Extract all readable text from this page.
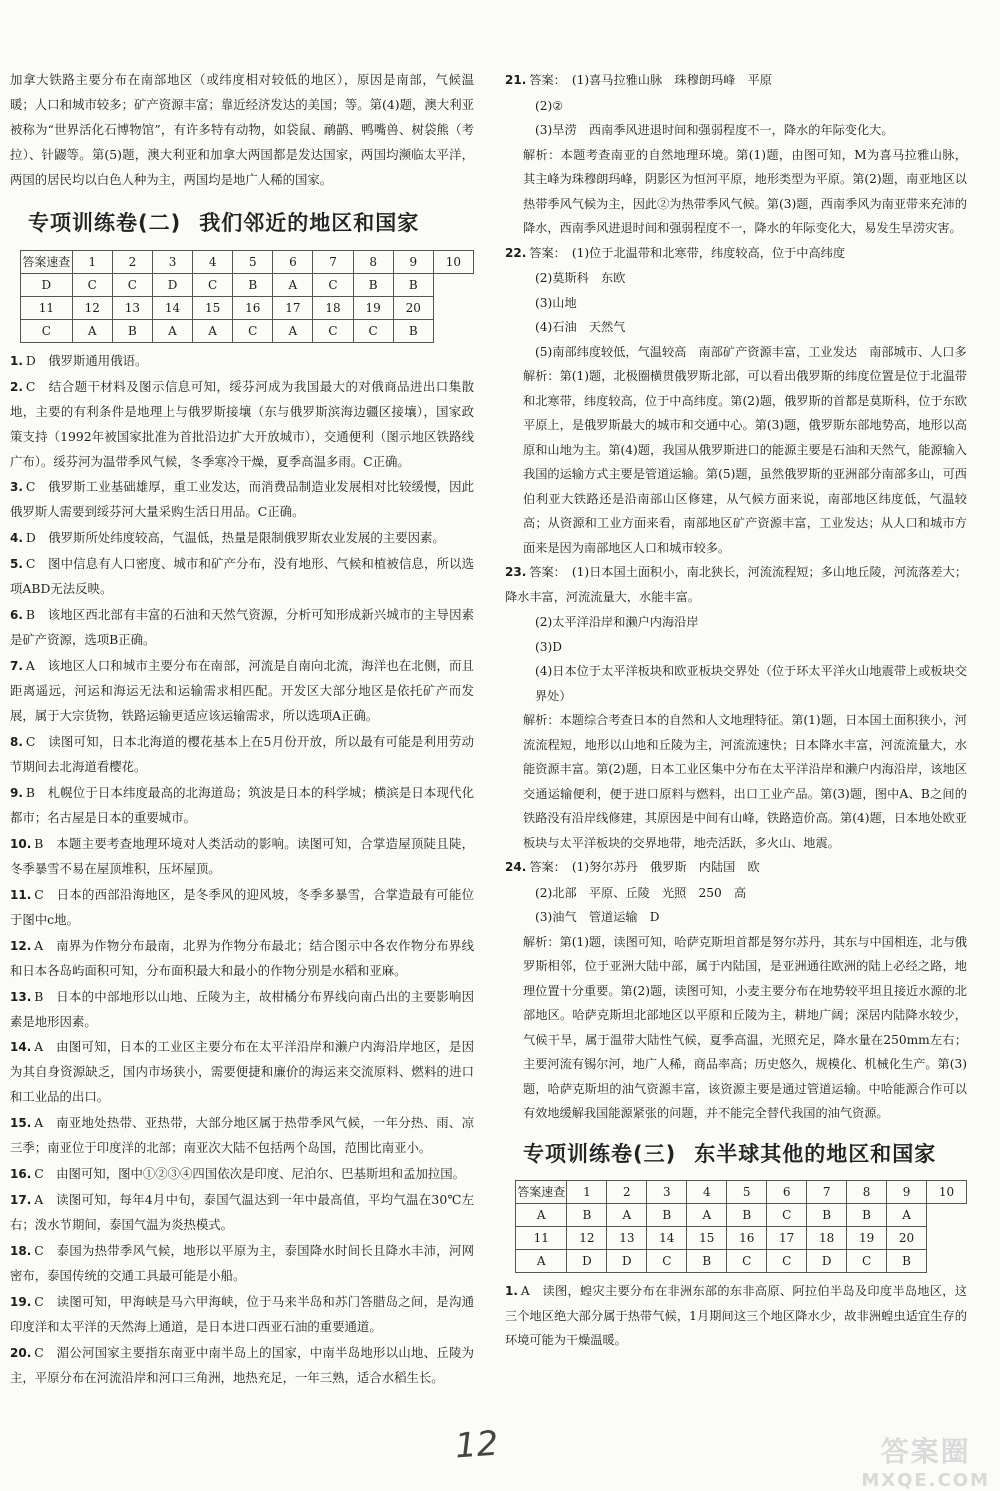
加拿大铁路主要分布在南部地区（或纬度相对较低的地区），原因是南部，气候温暖；人口和城市较多；矿产资源丰富；靠近经济发达的美国；等。第(4)题，澳大利亚被称为“世界活化石博物馆”，有许多特有动物，如袋鼠、鸸鹋、鸭嘴兽、树袋熊（考拉）、针鼹等。第(5)题，澳大利亚和加拿大两国都是发达国家，两国均濒临太平洋，两国的居民均以白色人种为主，两国均是地广人稀的国家。

专项训练卷(二) 我们邻近的地区和国家
答案速查	1	2	3	4	5	6	7	8	9	10
D	C	C	D	C	B	A	C	B	B	
11	12	13	14	15	16	17	18	19	20	
C	A	B	A	A	C	A	C	C	B	

1. D　俄罗斯通用俄语。

2. C　结合题干材料及图示信息可知，绥芬河成为我国最大的对俄商品进出口集散地，主要的有利条件是地理上与俄罗斯接壤（东与俄罗斯滨海边疆区接壤），国家政策支持（1992年被国家批准为首批沿边扩大开放城市），交通便利（图示地区铁路线广布）。绥芬河为温带季风气候，冬季寒冷干燥，夏季高温多雨。C正确。

3. C　俄罗斯工业基础雄厚，重工业发达，而消费品制造业发展相对比较缓慢，因此俄罗斯人需要到绥芬河大量采购生活日用品。C正确。

4. D　俄罗斯所处纬度较高，气温低，热量是限制俄罗斯农业发展的主要因素。

5. C　图中信息有人口密度、城市和矿产分布，没有地形、气候和植被信息，所以选项ABD无法反映。

6. B　该地区西北部有丰富的石油和天然气资源，分析可知形成新兴城市的主导因素是矿产资源，选项B正确。

7. A　该地区人口和城市主要分布在南部，河流是自南向北流，海洋也在北侧，而且距离遥远，河运和海运无法和运输需求相匹配。开发区大部分地区是依托矿产而发展，属于大宗货物，铁路运输更适应该运输需求，所以选项A正确。

8. C　读图可知，日本北海道的樱花基本上在5月份开放，所以最有可能是利用劳动节期间去北海道看樱花。

9. B　札幌位于日本纬度最高的北海道岛；筑波是日本的科学城；横滨是日本现代化都市；名古屋是日本的重要城市。

10. B　本题主要考查地理环境对人类活动的影响。读图可知，合掌造屋顶陡且陡，冬季暴雪不易在屋顶堆积，压坏屋顶。

11. C　日本的西部沿海地区，是冬季风的迎风坡，冬季多暴雪，合掌造最有可能位于图中c地。

12. A　南界为作物分布最南，北界为作物分布最北；结合图示中各农作物分布界线和日本各岛屿面积可知，分布面积最大和最小的作物分别是水稻和亚麻。

13. B　日本的中部地形以山地、丘陵为主，故柑橘分布界线向南凸出的主要影响因素是地形因素。

14. A　由图可知，日本的工业区主要分布在太平洋沿岸和濑户内海沿岸地区，是因为其自身资源缺乏，国内市场狭小，需要便捷和廉价的海运来交流原料、燃料的进口和工业品的出口。

15. A　南亚地处热带、亚热带，大部分地区属于热带季风气候，一年分热、雨、凉三季；南亚位于印度洋的北部；南亚次大陆不包括两个岛国，范围比南亚小。

16. C　由图可知，图中①②③④四国依次是印度、尼泊尔、巴基斯坦和孟加拉国。

17. A　读图可知，每年4月中旬，泰国气温达到一年中最高值，平均气温在30℃左右；泼水节期间，泰国气温为炎热模式。

18. C　泰国为热带季风气候，地形以平原为主，泰国降水时间长且降水丰沛，河网密布，泰国传统的交通工具最可能是小船。

19. C　读图可知，甲海峡是马六甲海峡，位于马来半岛和苏门答腊岛之间，是沟通印度洋和太平洋的天然海上通道，是日本进口西亚石油的重要通道。

20. C　湄公河国家主要指东南亚中南半岛上的国家，中南半岛地形以山地、丘陵为主，平原分布在河流沿岸和河口三角洲，地热充足，一年三熟，适合水稻生长。

21. 答案： (1)喜马拉雅山脉　珠穆朗玛峰　平原

(2)②

(3)旱涝　西南季风进退时间和强弱程度不一，降水的年际变化大。

解析：本题考查南亚的自然地理环境。第(1)题，由图可知，M为喜马拉雅山脉，其主峰为珠穆朗玛峰，阴影区为恒河平原，地形类型为平原。第(2)题，南亚地区以热带季风气候为主，因此②为热带季风气候。第(3)题，西南季风为南亚带来充沛的降水，西南季风进退时间和强弱程度不一，降水的年际变化大，易发生旱涝灾害。

22. 答案： (1)位于北温带和北寒带，纬度较高，位于中高纬度

(2)莫斯科　东欧

(3)山地

(4)石油　天然气

(5)南部纬度较低，气温较高　南部矿产资源丰富，工业发达　南部城市、人口多

解析：第(1)题，北极圈横贯俄罗斯北部，可以看出俄罗斯的纬度位置是位于北温带和北寒带，纬度较高，位于中高纬度。第(2)题，俄罗斯的首都是莫斯科，位于东欧平原上，是俄罗斯最大的城市和交通中心。第(3)题，俄罗斯东部地势高，地形以高原和山地为主。第(4)题，我国从俄罗斯进口的能源主要是石油和天然气，能源输入我国的运输方式主要是管道运输。第(5)题，虽然俄罗斯的亚洲部分南部多山，可西伯利亚大铁路还是沿南部山区修建，从气候方面来说，南部地区纬度低，气温较高；从资源和工业方面来看，南部地区矿产资源丰富，工业发达；从人口和城市方面来是因为南部地区人口和城市较多。

23. 答案： (1)日本国土面积小，南北狭长，河流流程短；多山地丘陵，河流落差大；降水丰富，河流流量大，水能丰富。

(2)太平洋沿岸和濑户内海沿岸

(3)D

(4)日本位于太平洋板块和欧亚板块交界处（位于环太平洋火山地震带上或板块交界处）

解析：本题综合考查日本的自然和人文地理特征。第(1)题，日本国土面积狭小，河流流程短，地形以山地和丘陵为主，河流流速快；日本降水丰富，河流流量大，水能资源丰富。第(2)题，日本工业区集中分布在太平洋沿岸和濑户内海沿岸，该地区交通运输便利，便于进口原料与燃料，出口工业产品。第(3)题，图中A、B之间的铁路没有沿岸线修建，其原因是中间有山峰，铁路造价高。第(4)题，日本地处欧亚板块与太平洋板块的交界地带，地壳活跃，多火山、地震。

24. 答案： (1)努尔苏丹　俄罗斯　内陆国　欧

(2)北部　平原、丘陵　光照　250　高

(3)油气　管道运输　D

解析：第(1)题，读图可知，哈萨克斯坦首都是努尔苏丹，其东与中国相连，北与俄罗斯相邻，位于亚洲大陆中部，属于内陆国，是亚洲通往欧洲的陆上必经之路，地理位置十分重要。第(2)题，读图可知，小麦主要分布在地势较平坦且接近水源的北部地区。哈萨克斯坦北部地区以平原和丘陵为主，耕地广阔；深居内陆降水较少，气候干旱，属于温带大陆性气候，夏季高温，光照充足，降水量在250mm左右；主要河流有锡尔河，地广人稀，商品率高；历史悠久，规模化、机械化生产。第(3)题，哈萨克斯坦的油气资源丰富，该资源主要是通过管道运输。中哈能源合作可以有效地缓解我国能源紧张的问题，并不能完全替代我国的油气资源。

专项训练卷(三) 东半球其他的地区和国家
答案速查	1	2	3	4	5	6	7	8	9	10
A	B	A	B	A	B	C	B	B	A	
11	12	13	14	15	16	17	18	19	20	
A	D	D	C	B	C	C	D	C	B	

1. A　读图，蝗灾主要分布在非洲东部的东非高原、阿拉伯半岛及印度半岛地区，这三个地区绝大部分属于热带气候，1月期间这三个地区降水少，故非洲蝗虫适宜生存的环境可能为干燥温暖。

12	答案圈
MXQE.COM
